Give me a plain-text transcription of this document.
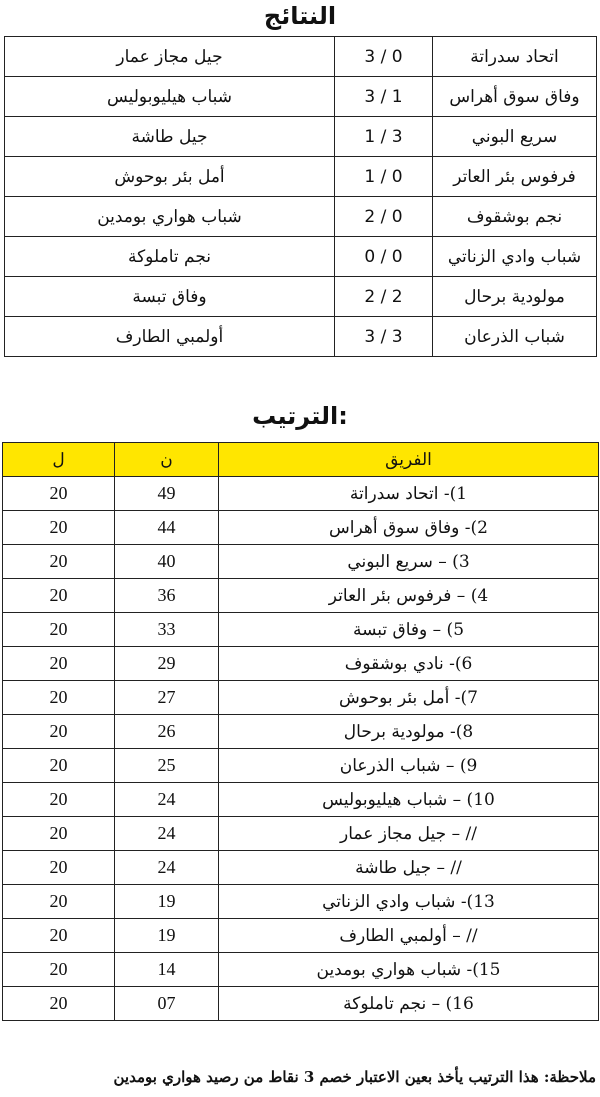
النتائج
اتحاد سدراتة	3 / 0	جيل مجاز عمار
وفاق سوق أهراس	3 / 1	شباب هيليوبوليس
سريع البوني	1 / 3	جيل طاشة
فرفوس بئر العاتر	1 / 0	أمل بئر بوحوش
نجم بوشقوف	2 / 0	شباب هواري بومدين
شباب وادي الزناتي	0 / 0	نجم تاملوكة
مولودية برحال	2 / 2	وفاق تبسة
شباب الذرعان	3 / 3	أولمبي الطارف
الترتيب:
الفريق	ن	ل
1)- اتحاد سدراتة	49	20
2)- وفاق سوق أهراس	44	20
3) – سريع البوني	40	20
4) – فرفوس بئر العاتر	36	20
5) – وفاق تبسة	33	20
6)- نادي بوشقوف	29	20
7)- أمل بئر بوحوش	27	20
8)- مولودية برحال	26	20
9) – شباب الذرعان	25	20
10) – شباب هيليوبوليس	24	20
// – جيل مجاز عمار	24	20
// – جيل طاشة	24	20
13)- شباب وادي الزناتي	19	20
// – أولمبي الطارف	19	20
15)- شباب هواري بومدين	14	20
16) – نجم تاملوكة	07	20
ملاحظة: هذا الترتيب يأخذ بعين الاعتبار خصم 3 نقاط من رصيد هواري بومدين
